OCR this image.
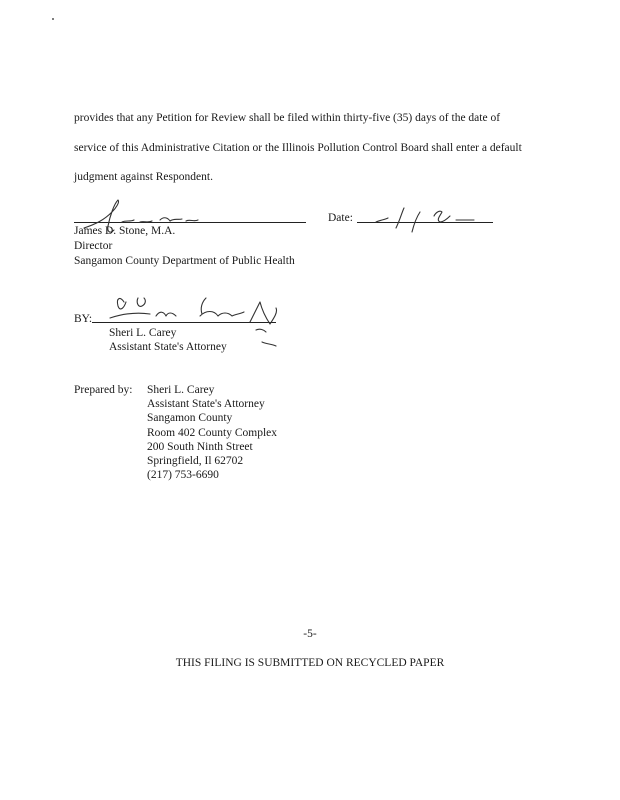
provides that any Petition for Review shall be filed within thirty-five (35) days of the date of
service of this Administrative Citation or the Illinois Pollution Control Board shall enter a default
judgment against Respondent.
Date:
James D. Stone, M.A.
Director
Sangamon County Department of Public Health
BY:
Sheri L. Carey
Assistant State's Attorney
Prepared by: Sheri L. Carey
Assistant State's Attorney
Sangamon County
Room 402 County Complex
200 South Ninth Street
Springfield, Il 62702
(217) 753-6690
-5-
THIS FILING IS SUBMITTED ON RECYCLED PAPER
